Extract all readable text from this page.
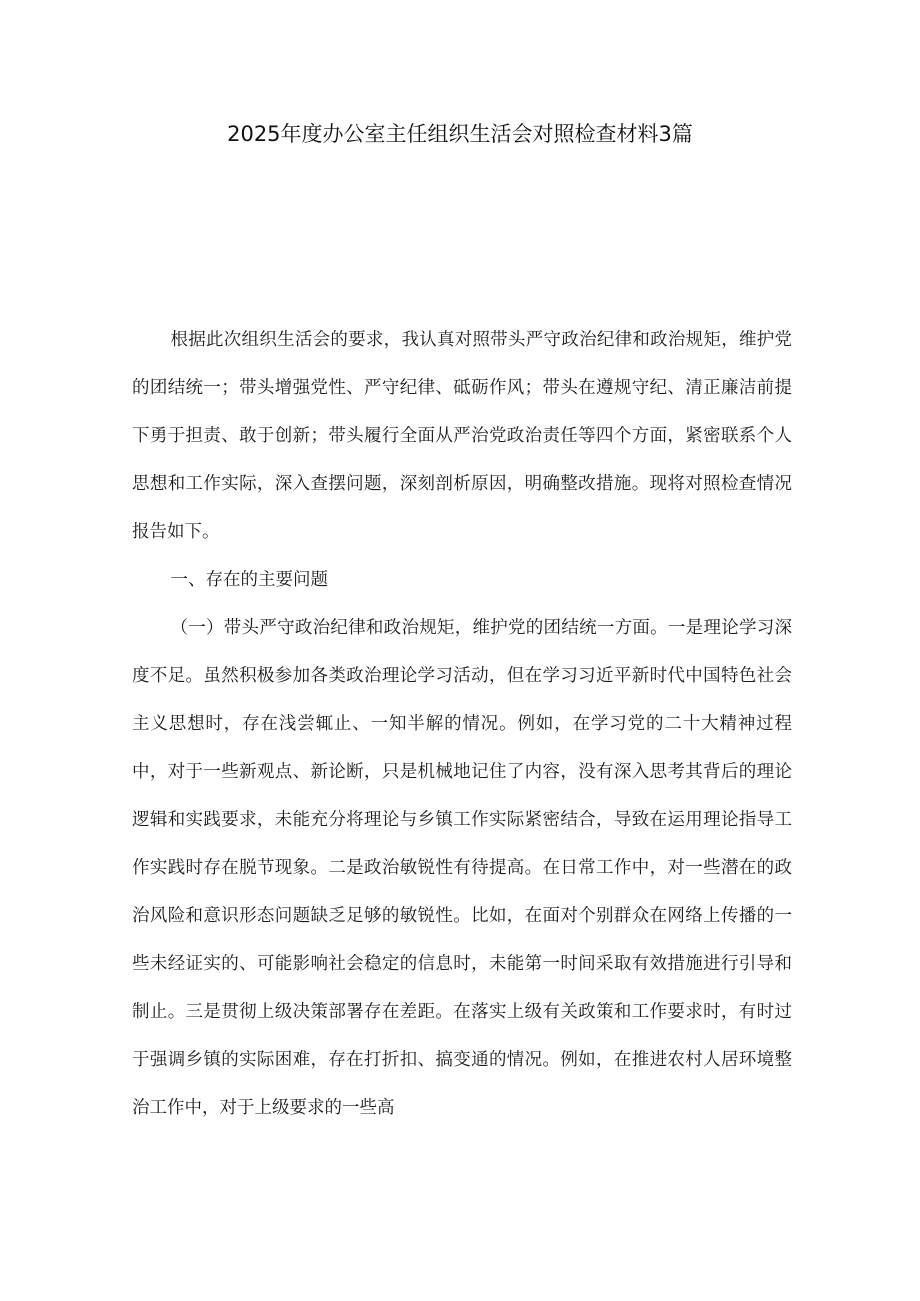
2025年度办公室主任组织生活会对照检查材料3篇

根据此次组织生活会的要求，我认真对照带头严守政治纪律和政治规矩，维护党的团结统一；带头增强党性、严守纪律、砥砺作风；带头在遵规守纪、清正廉洁前提下勇于担责、敢于创新；带头履行全面从严治党政治责任等四个方面，紧密联系个人思想和工作实际，深入查摆问题，深刻剖析原因，明确整改措施。现将对照检查情况报告如下。

一、存在的主要问题

（一）带头严守政治纪律和政治规矩，维护党的团结统一方面。一是理论学习深度不足。虽然积极参加各类政治理论学习活动，但在学习习近平新时代中国特色社会主义思想时，存在浅尝辄止、一知半解的情况。例如，在学习党的二十大精神过程中，对于一些新观点、新论断，只是机械地记住了内容，没有深入思考其背后的理论逻辑和实践要求，未能充分将理论与乡镇工作实际紧密结合，导致在运用理论指导工作实践时存在脱节现象。二是政治敏锐性有待提高。在日常工作中，对一些潜在的政治风险和意识形态问题缺乏足够的敏锐性。比如，在面对个别群众在网络上传播的一些未经证实的、可能影响社会稳定的信息时，未能第一时间采取有效措施进行引导和制止。三是贯彻上级决策部署存在差距。在落实上级有关政策和工作要求时，有时过于强调乡镇的实际困难，存在打折扣、搞变通的情况。例如，在推进农村人居环境整治工作中，对于上级要求的一些高
